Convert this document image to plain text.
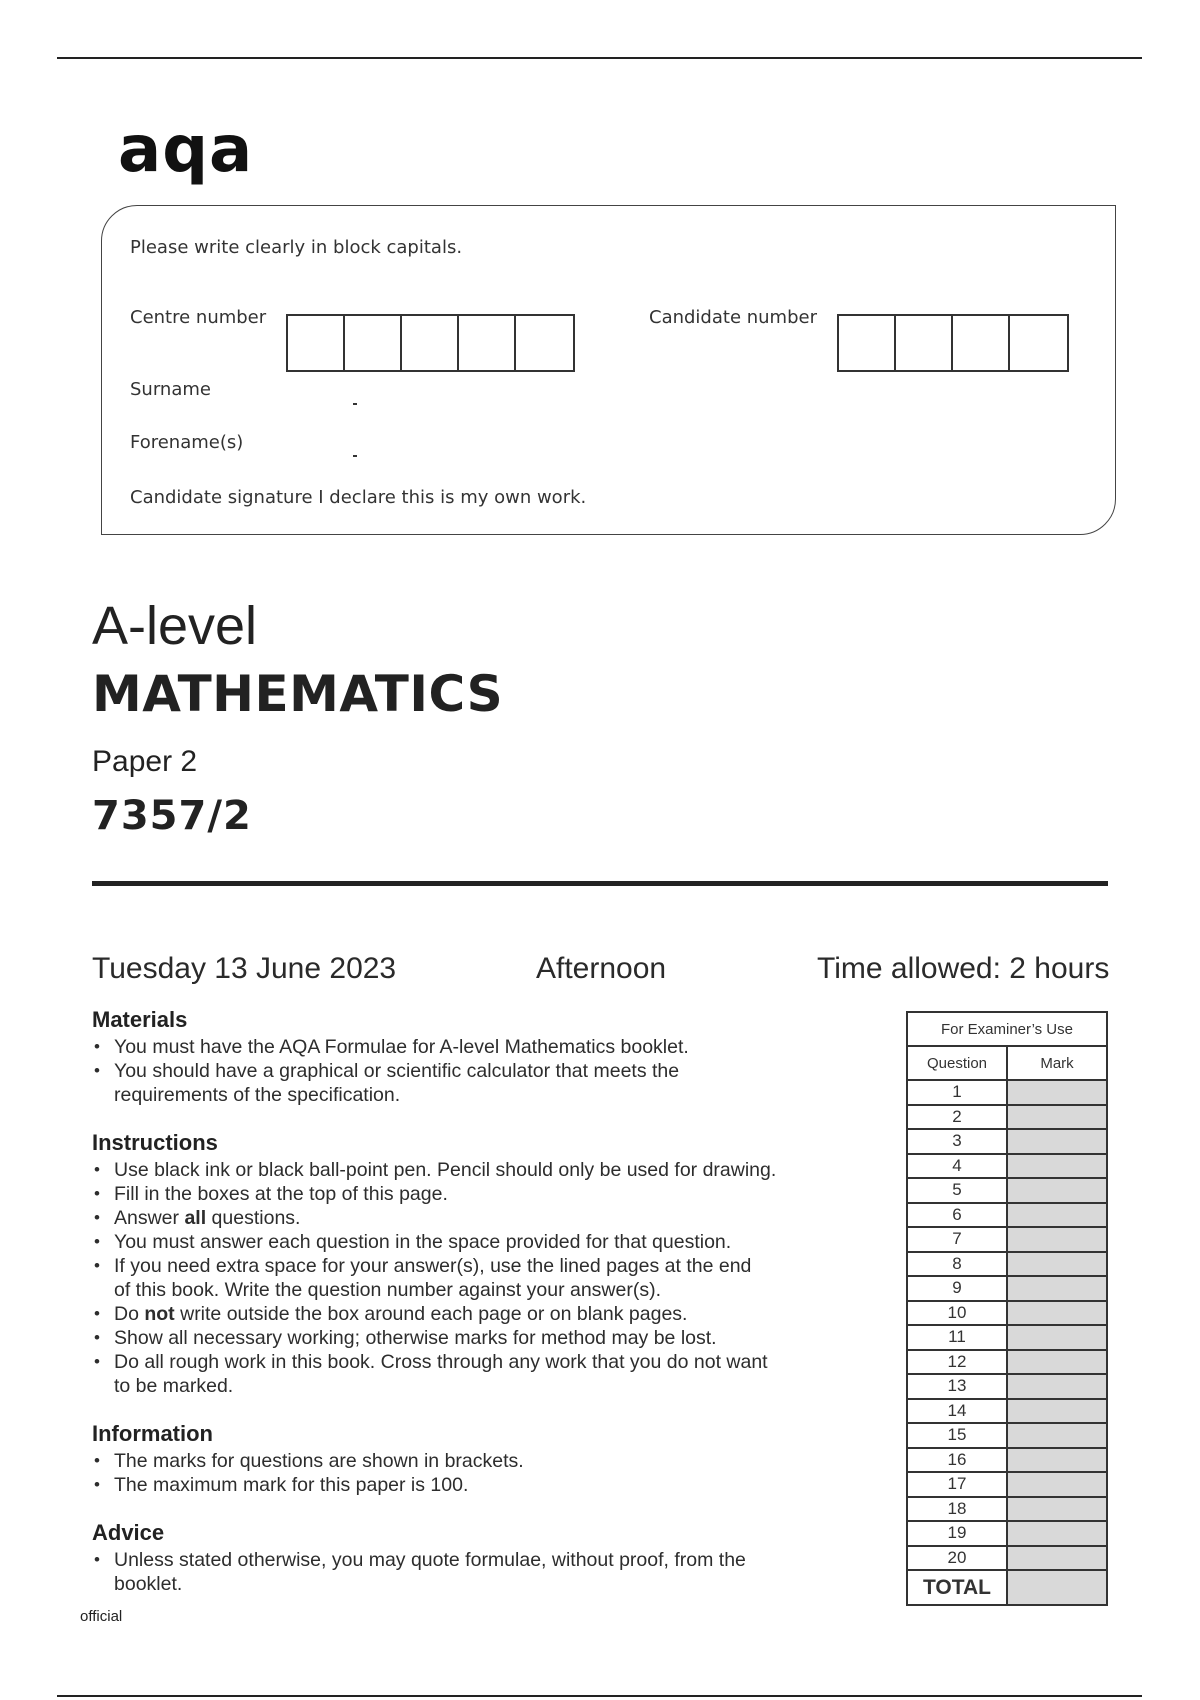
aqa
Please write clearly in block capitals.
Centre number	Candidate number
Surname
Forename(s)
Candidate signature I declare this is my own work.
A-level
MATHEMATICS
Paper 2
7357/2
Tuesday 13 June 2023	Afternoon	Time allowed: 2 hours
Materials
• You must have the AQA Formulae for A-level Mathematics booklet.
• You should have a graphical or scientific calculator that meets the
requirements of the specification.
Instructions
• Use black ink or black ball-point pen. Pencil should only be used for drawing.
• Fill in the boxes at the top of this page.
• Answer all questions.
• You must answer each question in the space provided for that question.
• If you need extra space for your answer(s), use the lined pages at the end
of this book. Write the question number against your answer(s).
• Do not write outside the box around each page or on blank pages.
• Show all necessary working; otherwise marks for method may be lost.
• Do all rough work in this book. Cross through any work that you do not want
to be marked.
Information
• The marks for questions are shown in brackets.
• The maximum mark for this paper is 100.
Advice
• Unless stated otherwise, you may quote formulae, without proof, from the
booklet.
official
For Examiner’s Use	
Question	Mark
1	
2	
3	
4	
5	
6	
7	
8	
9	
10	
11	
12	
13	
14	
15	
16	
17	
18	
19	
20	
TOTAL	
